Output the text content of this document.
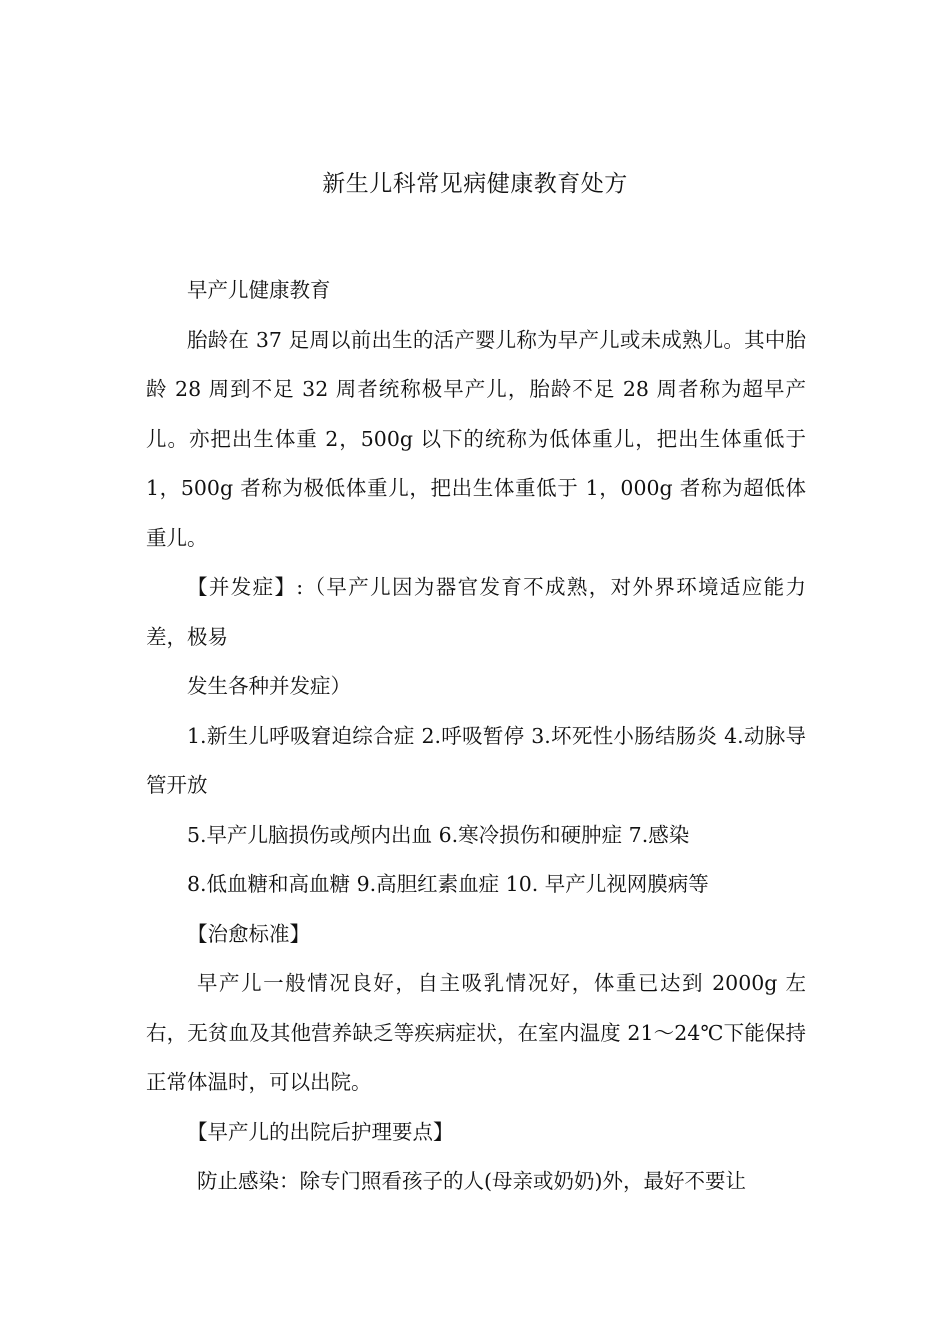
新生儿科常见病健康教育处方

早产儿健康教育

胎龄在 37 足周以前出生的活产婴儿称为早产儿或未成熟儿。其中胎龄 28 周到不足 32 周者统称极早产儿，胎龄不足 28 周者称为超早产儿。亦把出生体重 2，500g 以下的统称为低体重儿，把出生体重低于 1，500g 者称为极低体重儿，把出生体重低于 1，000g 者称为超低体重儿。

【并发症】:（早产儿因为器官发育不成熟，对外界环境适应能力差，极易

发生各种并发症）

1.新生儿呼吸窘迫综合症 2.呼吸暂停 3.坏死性小肠结肠炎 4.动脉导管开放

5.早产儿脑损伤或颅内出血 6.寒冷损伤和硬肿症 7.感染

8.低血糖和高血糖 9.高胆红素血症 10. 早产儿视网膜病等

【治愈标准】

早产儿一般情况良好，自主吸乳情况好，体重已达到 2000g 左右，无贫血及其他营养缺乏等疾病症状，在室内温度 21～24℃下能保持正常体温时，可以出院。

【早产儿的出院后护理要点】

防止感染：除专门照看孩子的人(母亲或奶奶)外，最好不要让
